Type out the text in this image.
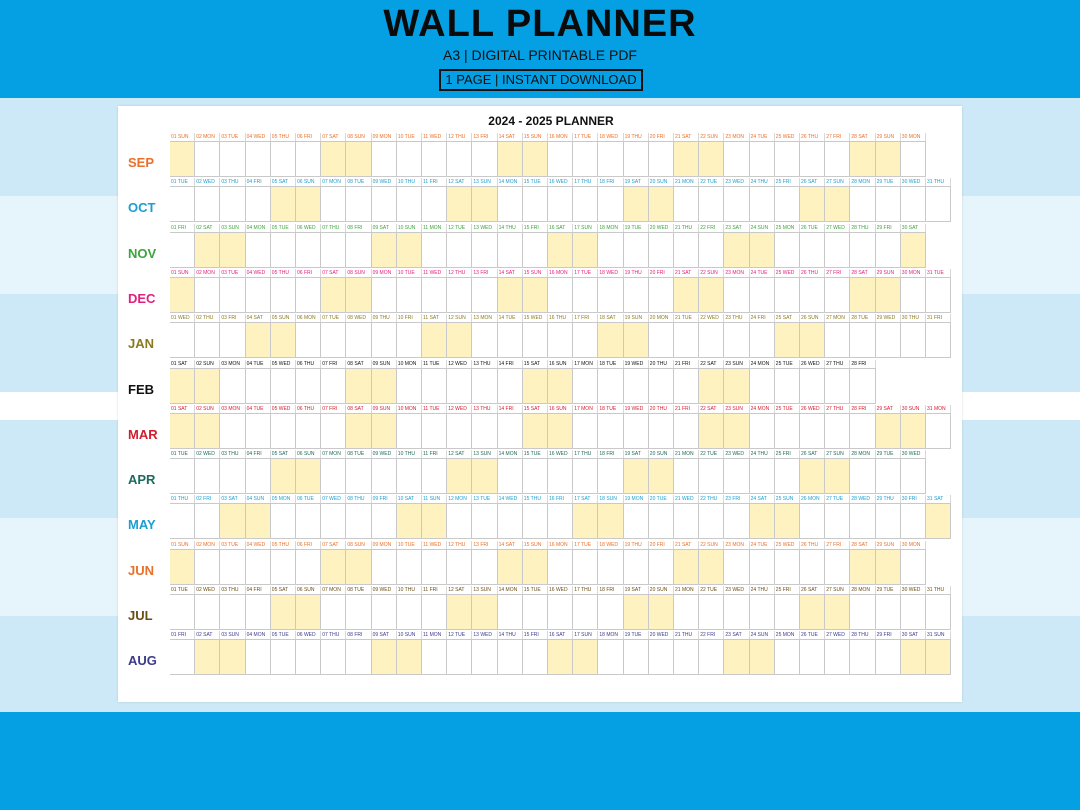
WALL PLANNER
A3 | DIGITAL PRINTABLE PDF
1 PAGE | INSTANT DOWNLOAD
2024 - 2025 PLANNER
SEP
01 SUN	02 MON	03 TUE	04 WED	05 THU	06 FRI	07 SAT	08 SUN	09 MON	10 TUE	11 WED	12 THU	13 FRI	14 SAT	15 SUN	16 MON	17 TUE	18 WED	19 THU	20 FRI	21 SAT	22 SUN	23 MON	24 TUE	25 WED	26 THU	27 FRI	28 SAT	29 SUN	30 MON
OCT
01 TUE	02 WED	03 THU	04 FRI	05 SAT	06 SUN	07 MON	08 TUE	09 WED	10 THU	11 FRI	12 SAT	13 SUN	14 MON	15 TUE	16 WED	17 THU	18 FRI	19 SAT	20 SUN	21 MON	22 TUE	23 WED	24 THU	25 FRI	26 SAT	27 SUN	28 MON	29 TUE	30 WED	31 THU
NOV
01 FRI	02 SAT	03 SUN	04 MON	05 TUE	06 WED	07 THU	08 FRI	09 SAT	10 SUN	11 MON	12 TUE	13 WED	14 THU	15 FRI	16 SAT	17 SUN	18 MON	19 TUE	20 WED	21 THU	22 FRI	23 SAT	24 SUN	25 MON	26 TUE	27 WED	28 THU	29 FRI	30 SAT
DEC
01 SUN	02 MON	03 TUE	04 WED	05 THU	06 FRI	07 SAT	08 SUN	09 MON	10 TUE	11 WED	12 THU	13 FRI	14 SAT	15 SUN	16 MON	17 TUE	18 WED	19 THU	20 FRI	21 SAT	22 SUN	23 MON	24 TUE	25 WED	26 THU	27 FRI	28 SAT	29 SUN	30 MON	31 TUE
JAN
01 WED	02 THU	03 FRI	04 SAT	05 SUN	06 MON	07 TUE	08 WED	09 THU	10 FRI	11 SAT	12 SUN	13 MON	14 TUE	15 WED	16 THU	17 FRI	18 SAT	19 SUN	20 MON	21 TUE	22 WED	23 THU	24 FRI	25 SAT	26 SUN	27 MON	28 TUE	29 WED	30 THU	31 FRI
FEB
01 SAT	02 SUN	03 MON	04 TUE	05 WED	06 THU	07 FRI	08 SAT	09 SUN	10 MON	11 TUE	12 WED	13 THU	14 FRI	15 SAT	16 SUN	17 MON	18 TUE	19 WED	20 THU	21 FRI	22 SAT	23 SUN	24 MON	25 TUE	26 WED	27 THU	28 FRI
MAR
01 SAT	02 SUN	03 MON	04 TUE	05 WED	06 THU	07 FRI	08 SAT	09 SUN	10 MON	11 TUE	12 WED	13 THU	14 FRI	15 SAT	16 SUN	17 MON	18 TUE	19 WED	20 THU	21 FRI	22 SAT	23 SUN	24 MON	25 TUE	26 WED	27 THU	28 FRI	29 SAT	30 SUN	31 MON
APR
01 TUE	02 WED	03 THU	04 FRI	05 SAT	06 SUN	07 MON	08 TUE	09 WED	10 THU	11 FRI	12 SAT	13 SUN	14 MON	15 TUE	16 WED	17 THU	18 FRI	19 SAT	20 SUN	21 MON	22 TUE	23 WED	24 THU	25 FRI	26 SAT	27 SUN	28 MON	29 TUE	30 WED
MAY
01 THU	02 FRI	03 SAT	04 SUN	05 MON	06 TUE	07 WED	08 THU	09 FRI	10 SAT	11 SUN	12 MON	13 TUE	14 WED	15 THU	16 FRI	17 SAT	18 SUN	19 MON	20 TUE	21 WED	22 THU	23 FRI	24 SAT	25 SUN	26 MON	27 TUE	28 WED	29 THU	30 FRI	31 SAT
JUN
01 SUN	02 MON	03 TUE	04 WED	05 THU	06 FRI	07 SAT	08 SUN	09 MON	10 TUE	11 WED	12 THU	13 FRI	14 SAT	15 SUN	16 MON	17 TUE	18 WED	19 THU	20 FRI	21 SAT	22 SUN	23 MON	24 TUE	25 WED	26 THU	27 FRI	28 SAT	29 SUN	30 MON
JUL
01 TUE	02 WED	03 THU	04 FRI	05 SAT	06 SUN	07 MON	08 TUE	09 WED	10 THU	11 FRI	12 SAT	13 SUN	14 MON	15 TUE	16 WED	17 THU	18 FRI	19 SAT	20 SUN	21 MON	22 TUE	23 WED	24 THU	25 FRI	26 SAT	27 SUN	28 MON	29 TUE	30 WED	31 THU
AUG
01 FRI	02 SAT	03 SUN	04 MON	05 TUE	06 WED	07 THU	08 FRI	09 SAT	10 SUN	11 MON	12 TUE	13 WED	14 THU	15 FRI	16 SAT	17 SUN	18 MON	19 TUE	20 WED	21 THU	22 FRI	23 SAT	24 SUN	25 MON	26 TUE	27 WED	28 THU	29 FRI	30 SAT	31 SUN
